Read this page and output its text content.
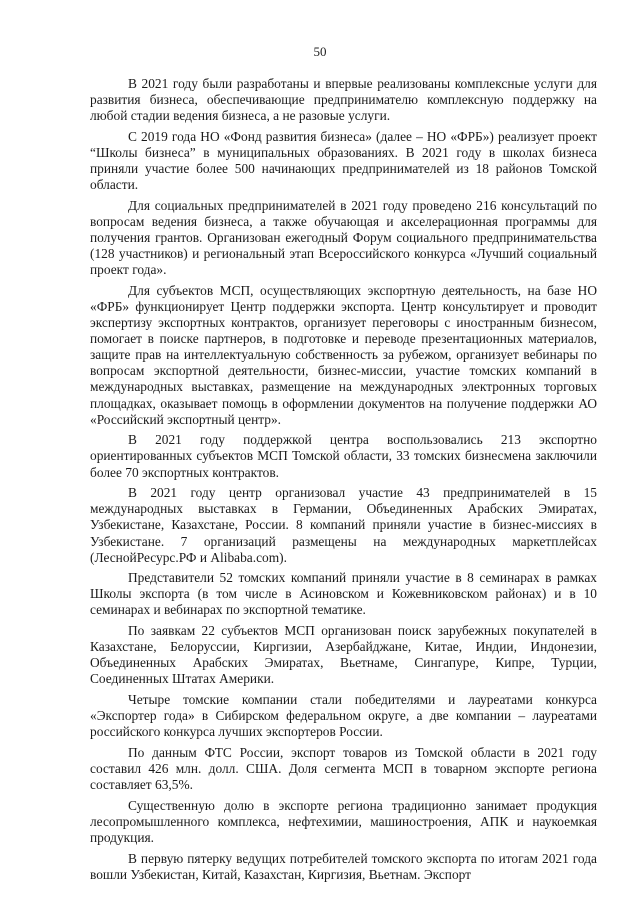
50

В 2021 году были разработаны и впервые реализованы комплексные услуги для развития бизнеса, обеспечивающие предпринимателю комплексную поддержку на любой стадии ведения бизнеса, а не разовые услуги.

С 2019 года НО «Фонд развития бизнеса» (далее – НО «ФРБ») реализует проект “Школы бизнеса” в муниципальных образованиях. В 2021 году в школах бизнеса приняли участие более 500 начинающих предпринимателей из 18 районов Томской области.

Для социальных предпринимателей в 2021 году проведено 216 консультаций по вопросам ведения бизнеса, а также обучающая и акселерационная программы для получения грантов. Организован ежегодный Форум социального предпринимательства (128 участников) и региональный этап Всероссийского конкурса «Лучший социальный проект года».

Для субъектов МСП, осуществляющих экспортную деятельность, на базе НО «ФРБ» функционирует Центр поддержки экспорта. Центр консультирует и проводит экспертизу экспортных контрактов, организует переговоры с иностранным бизнесом, помогает в поиске партнеров, в подготовке и переводе презентационных материалов, защите прав на интеллектуальную собственность за рубежом, организует вебинары по вопросам экспортной деятельности, бизнес-миссии, участие томских компаний в международных выставках, размещение на международных электронных торговых площадках, оказывает помощь в оформлении документов на получение поддержки АО «Российский экспортный центр».

В 2021 году поддержкой центра воспользовались 213 экспортно ориентированных субъектов МСП Томской области, 33 томских бизнесмена заключили более 70 экспортных контрактов.

В 2021 году центр организовал участие 43 предпринимателей в 15 международных выставках в Германии, Объединенных Арабских Эмиратах, Узбекистане, Казахстане, России. 8 компаний приняли участие в бизнес-миссиях в Узбекистане. 7 организаций размещены на международных маркетплейсах (ЛеснойРесурс.РФ и Alibaba.com).

Представители 52 томских компаний приняли участие в 8 семинарах в рамках Школы экспорта (в том числе в Асиновском и Кожевниковском районах) и в 10 семинарах и вебинарах по экспортной тематике.

По заявкам 22 субъектов МСП организован поиск зарубежных покупателей в Казахстане, Белоруссии, Киргизии, Азербайджане, Китае, Индии, Индонезии, Объединенных Арабских Эмиратах, Вьетнаме, Сингапуре, Кипре, Турции, Соединенных Штатах Америки.

Четыре томские компании стали победителями и лауреатами конкурса «Экспортер года» в Сибирском федеральном округе, а две компании – лауреатами российского конкурса лучших экспортеров России.

По данным ФТС России, экспорт товаров из Томской области в 2021 году составил 426 млн. долл. США. Доля сегмента МСП в товарном экспорте региона составляет 63,5%.

Существенную долю в экспорте региона традиционно занимает продукция лесопромышленного комплекса, нефтехимии, машиностроения, АПК и наукоемкая продукция.

В первую пятерку ведущих потребителей томского экспорта по итогам 2021 года вошли Узбекистан, Китай, Казахстан, Киргизия, Вьетнам. Экспорт
